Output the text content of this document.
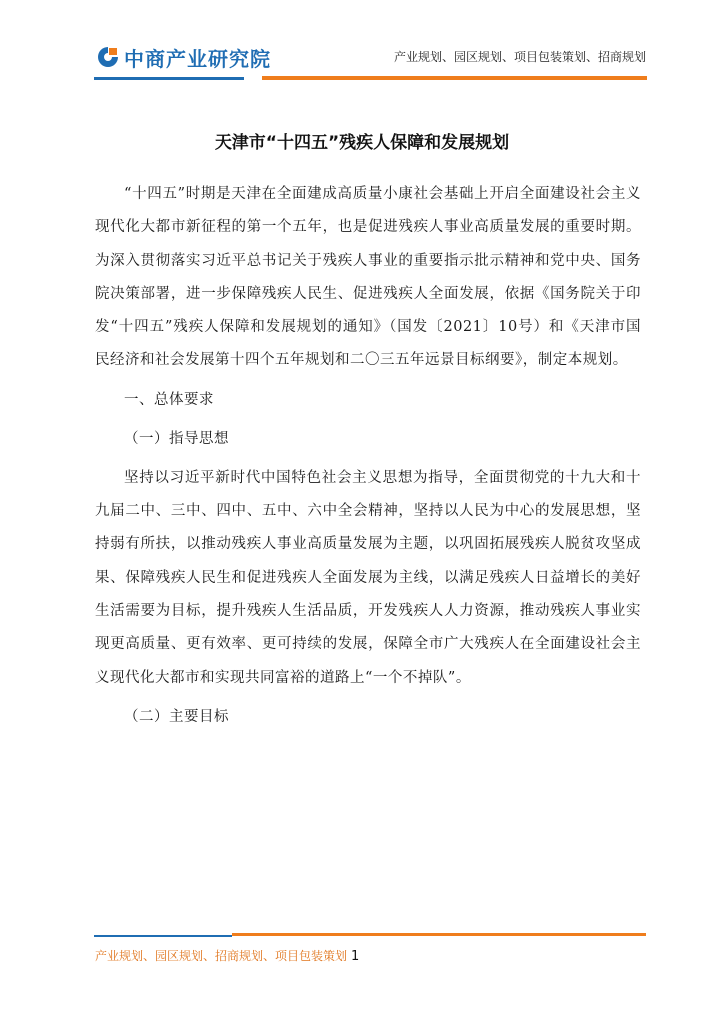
中商产业研究院	产业规划、园区规划、项目包装策划、招商规划
天津市“十四五”残疾人保障和发展规划

“十四五”时期是天津在全面建成高质量小康社会基础上开启全面建设社会主义现代化大都市新征程的第一个五年，也是促进残疾人事业高质量发展的重要时期。为深入贯彻落实习近平总书记关于残疾人事业的重要指示批示精神和党中央、国务院决策部署，进一步保障残疾人民生、促进残疾人全面发展，依据《国务院关于印发“十四五”残疾人保障和发展规划的通知》（国发〔2021〕10号）和《天津市国民经济和社会发展第十四个五年规划和二〇三五年远景目标纲要》，制定本规划。

一、总体要求

（一）指导思想

坚持以习近平新时代中国特色社会主义思想为指导，全面贯彻党的十九大和十九届二中、三中、四中、五中、六中全会精神，坚持以人民为中心的发展思想，坚持弱有所扶，以推动残疾人事业高质量发展为主题，以巩固拓展残疾人脱贫攻坚成果、保障残疾人民生和促进残疾人全面发展为主线，以满足残疾人日益增长的美好生活需要为目标，提升残疾人生活品质，开发残疾人人力资源，推动残疾人事业实现更高质量、更有效率、更可持续的发展，保障全市广大残疾人在全面建设社会主义现代化大都市和实现共同富裕的道路上“一个不掉队”。

（二）主要目标

产业规划、园区规划、招商规划、项目包装策划 1
